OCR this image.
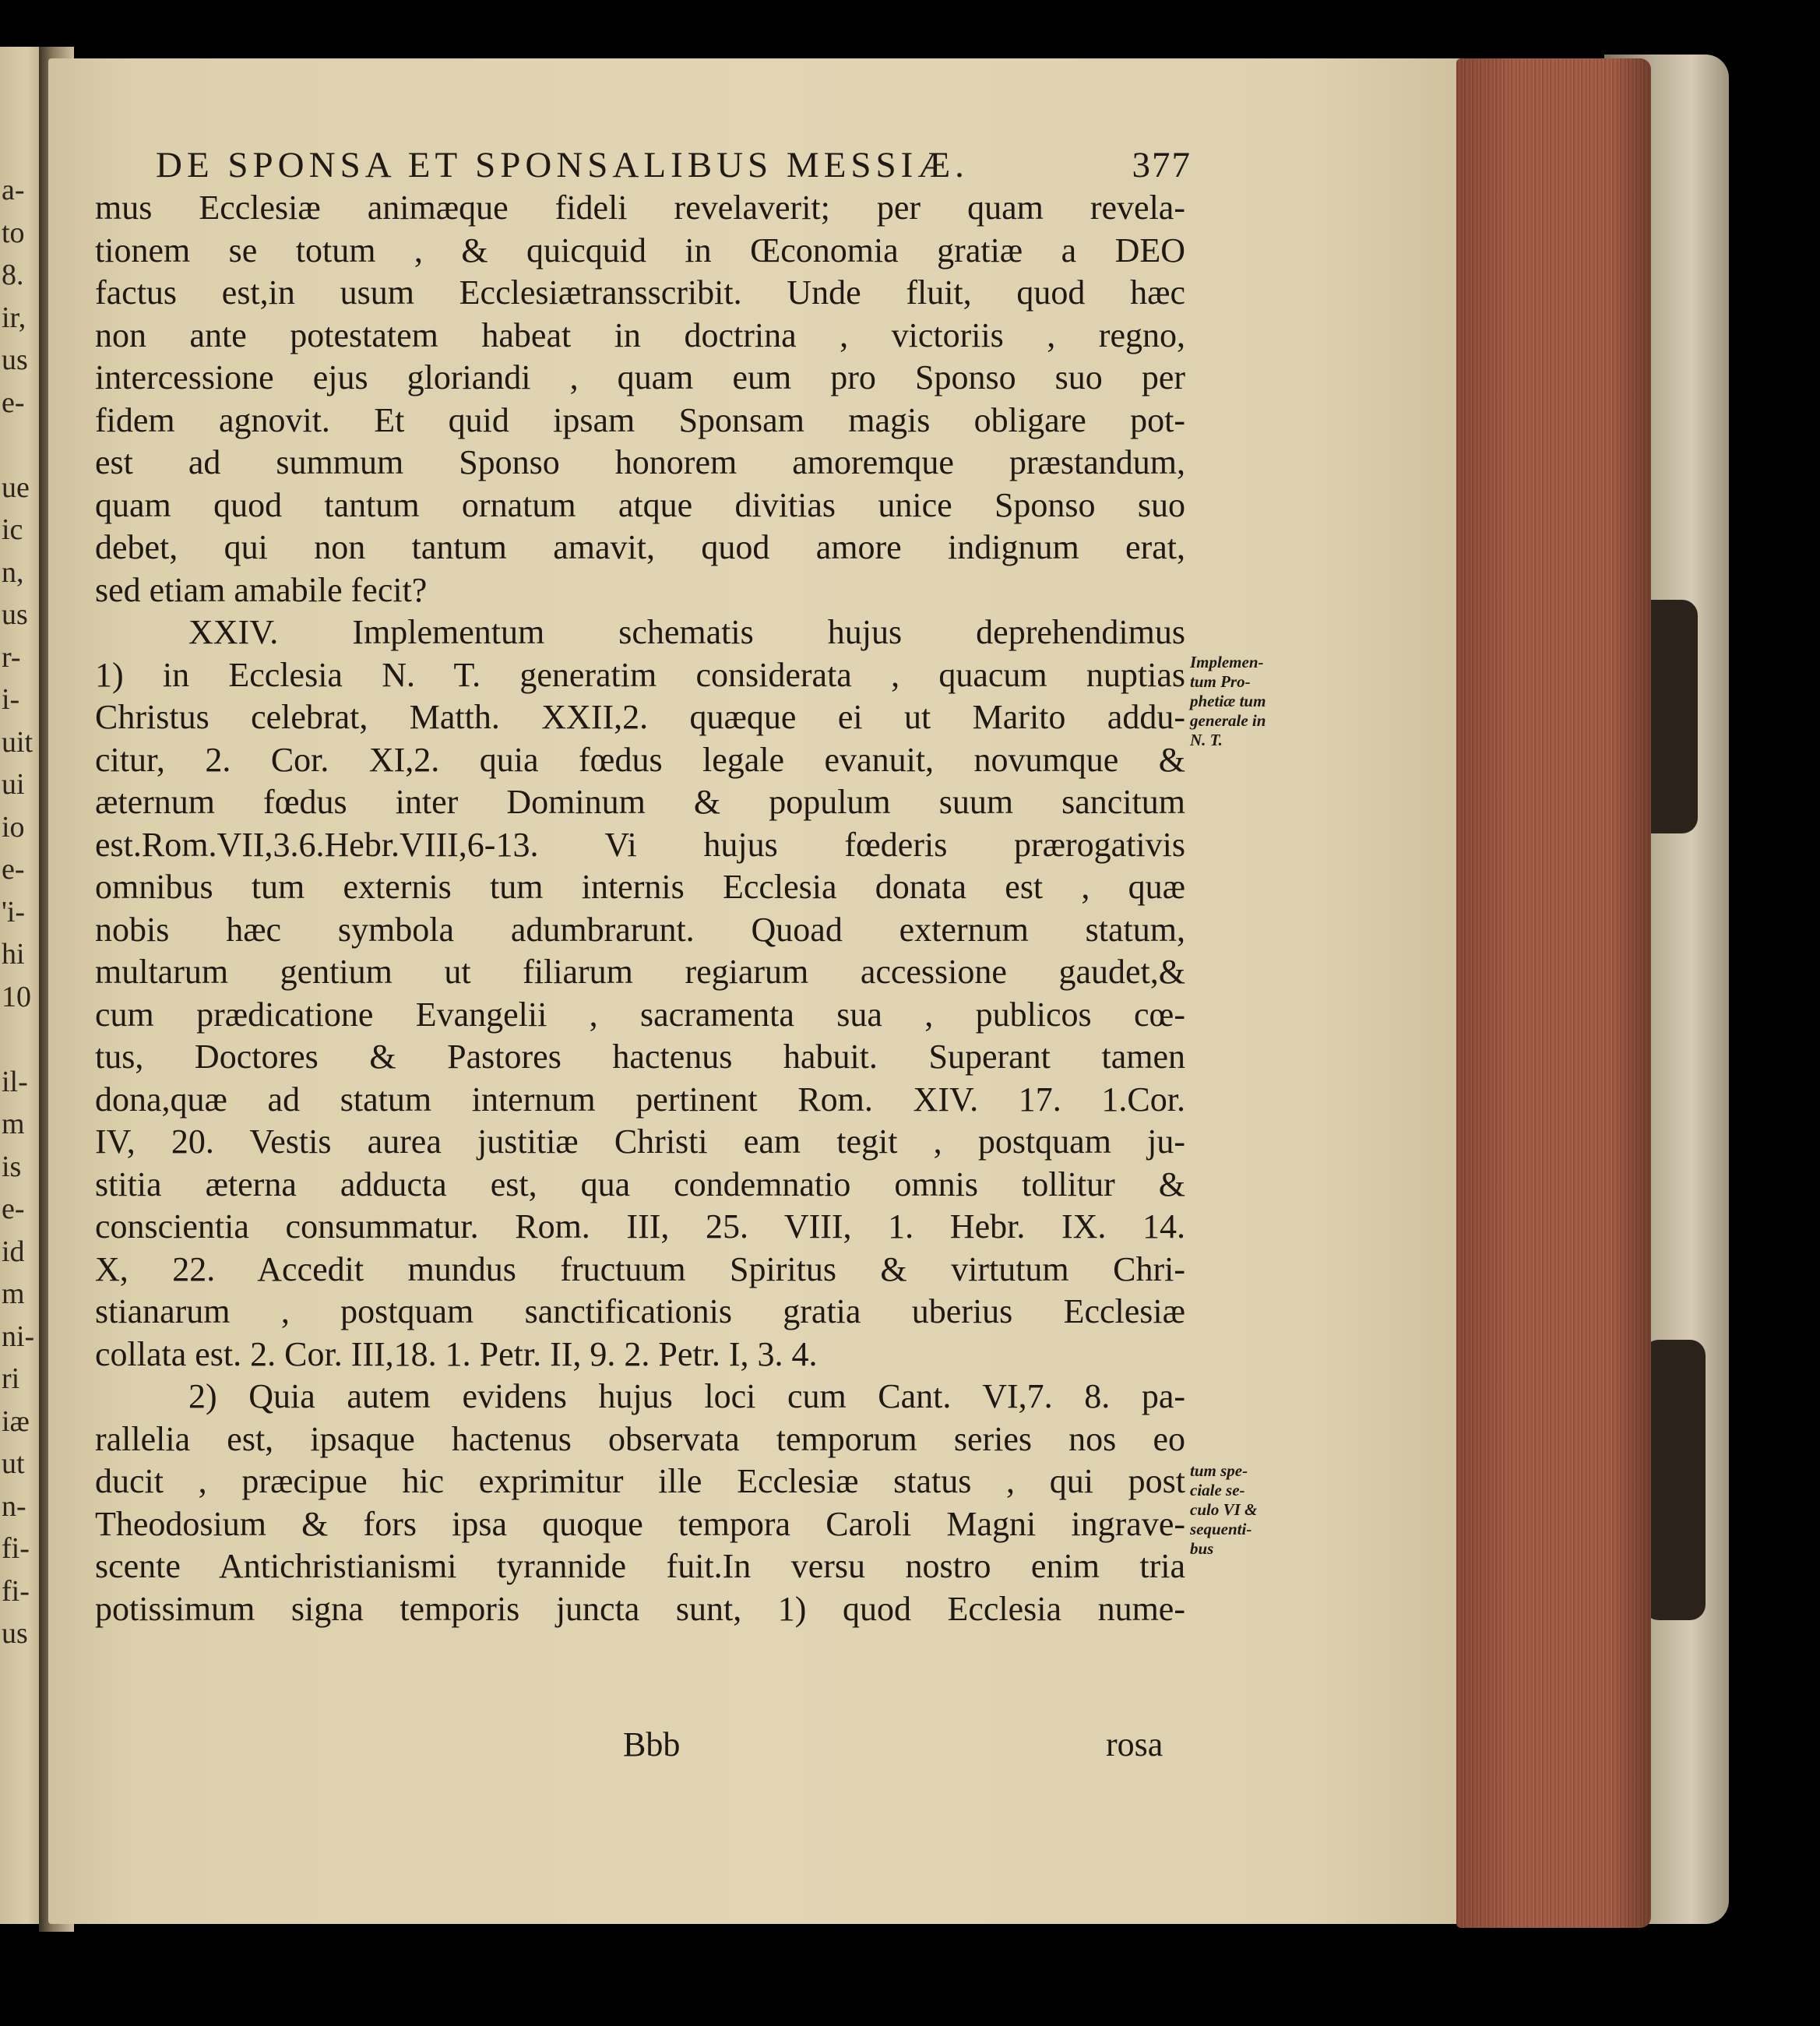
a-
to
8.
ir,
us
e-
ue
ic
n,
us
r-
i-
uit
ui
io
e-
'i-
hi
10
il-
m
is
e-
id
m
ni-
ri
iæ
ut
n-
fi-
fi-
us
DE SPONSA ET SPONSALIBUS MESSIÆ.	377
mus Ecclesiæ animæque fideli revelaverit; per quam revela-
tionem se totum , & quicquid in Œconomia gratiæ a DEO
factus est,in usum Ecclesiætransscribit. Unde fluit, quod hæc
non ante potestatem habeat in doctrina , victoriis , regno,
intercessione ejus gloriandi , quam eum pro Sponso suo per
fidem agnovit. Et quid ipsam Sponsam magis obligare pot-
est ad summum Sponso honorem amoremque præstandum,
quam quod tantum ornatum atque divitias unice Sponso suo
debet, qui non tantum amavit, quod amore indignum erat,
sed etiam amabile fecit?
XXIV. Implementum schematis hujus deprehendimus
1) in Ecclesia N. T. generatim considerata , quacum nuptias
Christus celebrat, Matth. XXII,2. quæque ei ut Marito addu-
citur, 2. Cor. XI,2. quia fœdus legale evanuit, novumque &
æternum fœdus inter Dominum & populum suum sancitum
est.Rom.VII,3.6.Hebr.VIII,6-13. Vi hujus fœderis prærogativis
omnibus tum externis tum internis Ecclesia donata est , quæ
nobis hæc symbola adumbrarunt. Quoad externum statum,
multarum gentium ut filiarum regiarum accessione gaudet,&
cum prædicatione Evangelii , sacramenta sua , publicos cœ-
tus, Doctores & Pastores hactenus habuit. Superant tamen
dona,quæ ad statum internum pertinent Rom. XIV. 17. 1.Cor.
IV, 20. Vestis aurea justitiæ Christi eam tegit , postquam ju-
stitia æterna adducta est, qua condemnatio omnis tollitur &
conscientia consummatur. Rom. III, 25. VIII, 1. Hebr. IX. 14.
X, 22. Accedit mundus fructuum Spiritus & virtutum Chri-
stianarum , postquam sanctificationis gratia uberius Ecclesiæ
collata est. 2. Cor. III,18. 1. Petr. II, 9. 2. Petr. I, 3. 4.
2) Quia autem evidens hujus loci cum Cant. VI,7. 8. pa-
rallelia est, ipsaque hactenus observata temporum series nos eo
ducit , præcipue hic exprimitur ille Ecclesiæ status , qui post
Theodosium & fors ipsa quoque tempora Caroli Magni ingrave-
scente Antichristianismi tyrannide fuit.In versu nostro enim tria
potissimum signa temporis juncta sunt, 1) quod Ecclesia nume-
Implemen-
tum Pro-
phetiæ tum
generale in
N. T.
tum spe-
ciale se-
culo VI &
sequenti-
bus
Bbb	rosa
